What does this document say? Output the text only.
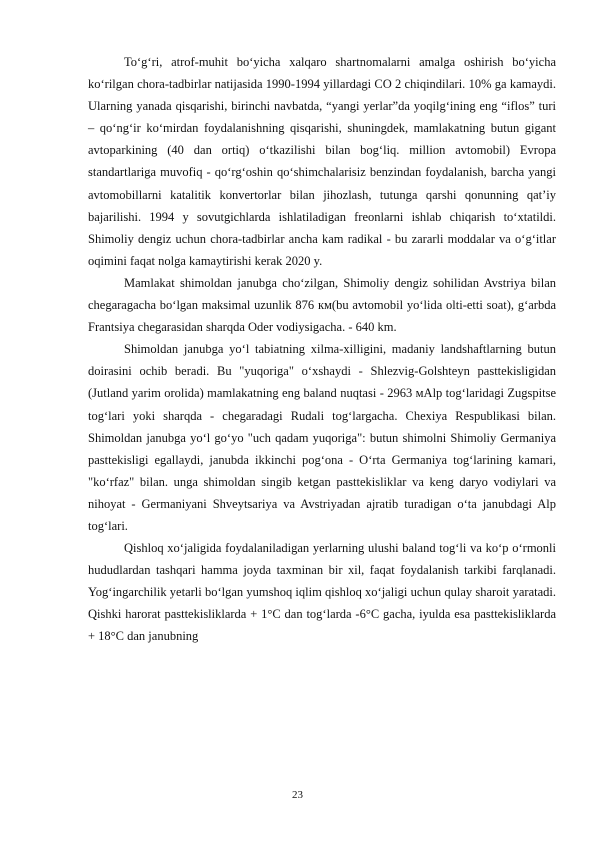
To‘g‘ri, atrof-muhit bo‘yicha xalqaro shartnomalarni amalga oshirish bo‘yicha ko‘rilgan chora-tadbirlar natijasida 1990-1994 yillardagi CO 2 chiqindilari. 10% ga kamaydi. Ularning yanada qisqarishi, birinchi navbatda, “yangi yerlar”da yoqilg‘ining eng “iflos” turi – qo‘ng‘ir ko‘mirdan foydalanishning qisqarishi, shuningdek, mamlakatning butun gigant avtoparkining (40 dan ortiq) o‘tkazilishi bilan bog‘liq. million avtomobil) Evropa standartlariga muvofiq - qo‘rg‘oshin qo‘shimchalarisiz benzindan foydalanish, barcha yangi avtomobillarni katalitik konvertorlar bilan jihozlash, tutunga qarshi qonunning qat’iy bajarilishi. 1994 y sovutgichlarda ishlatiladigan freonlarni ishlab chiqarish to‘xtatildi. Shimoliy dengiz uchun chora-tadbirlar ancha kam radikal - bu zararli moddalar va o‘g‘itlar oqimini faqat nolga kamaytirishi kerak 2020 y.

Mamlakat shimoldan janubga cho‘zilgan, Shimoliy dengiz sohilidan Avstriya bilan chegaragacha bo‘lgan maksimal uzunlik 876 км(bu avtomobil yo‘lida olti-etti soat), g‘arbda Frantsiya chegarasidan sharqda Oder vodiysigacha. - 640 km.

Shimoldan janubga yo‘l tabiatning xilma-xilligini, madaniy landshaftlarning butun doirasini ochib beradi. Bu "yuqoriga" o‘xshaydi - Shlezvig-Golshteyn pasttekisligidan (Jutland yarim orolida) mamlakatning eng baland nuqtasi - 2963 мAlp tog‘laridagi Zugspitse tog‘lari yoki sharqda - chegaradagi Rudali tog‘largacha. Chexiya Respublikasi bilan. Shimoldan janubga yo‘l go‘yo "uch qadam yuqoriga": butun shimolni Shimoliy Germaniya pasttekisligi egallaydi, janubda ikkinchi pog‘ona - O‘rta Germaniya tog‘larining kamari, "ko‘rfaz" bilan. unga shimoldan singib ketgan pasttekisliklar va keng daryo vodiylari va nihoyat - Germaniyani Shveytsariya va Avstriyadan ajratib turadigan o‘ta janubdagi Alp tog‘lari.

Qishloq xo‘jaligida foydalaniladigan yerlarning ulushi baland tog‘li va ko‘p o‘rmonli hududlardan tashqari hamma joyda taxminan bir xil, faqat foydalanish tarkibi farqlanadi. Yog‘ingarchilik yetarli bo‘lgan yumshoq iqlim qishloq xo‘jaligi uchun qulay sharoit yaratadi. Qishki harorat pasttekisliklarda + 1°C dan tog‘larda -6°C gacha, iyulda esa pasttekisliklarda + 18°C dan janubning

23
